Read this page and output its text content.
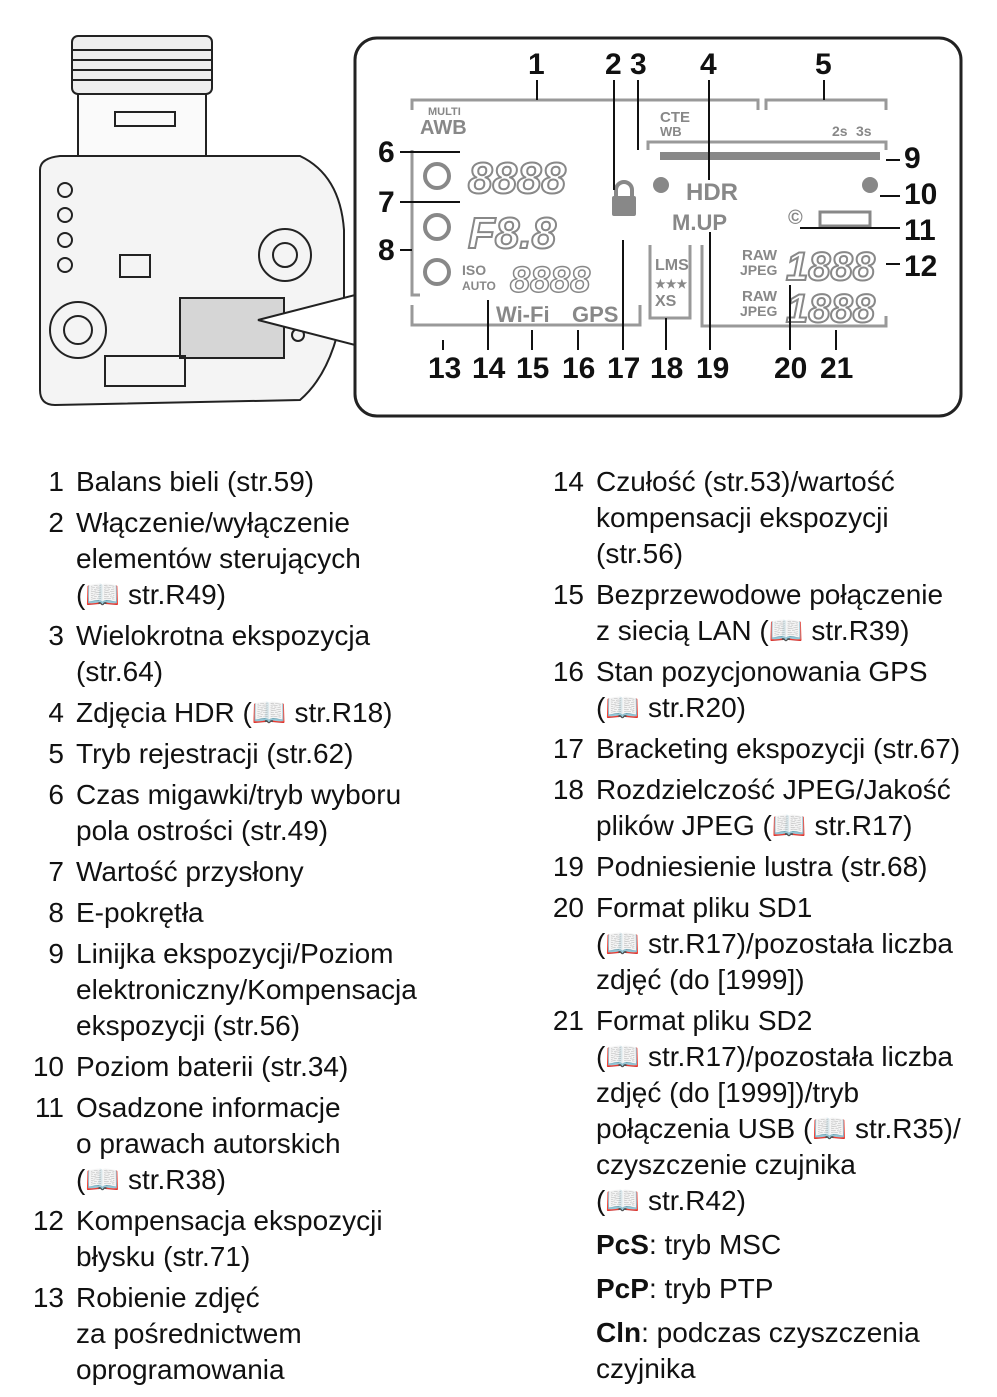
MULTI
AWB	CTE
WB
8888
F8.8
ISO
AUTO 8888
HDR
M.UP
RAW
JPEG 1888
RAW
JPEG 1888
LMS
★★★
XS
Wi-Fi GPS
2s 3s
©
1 2 3 4	5
6
7
8
9
10
11
12
13 14 15 16 17 18 19 20 21
1 Balans bieli (str.59)
2 Włączenie/wyłączenie
elementów sterujących
(📖 str.R49)
3 Wielokrotna ekspozycja
(str.64)
4 Zdjęcia HDR (📖 str.R18)
5 Tryb rejestracji (str.62)
6 Czas migawki/tryb wyboru
pola ostrości (str.49)
7 Wartość przysłony
8 E-pokrętła
9 Linijka ekspozycji/Poziom
elektroniczny/Kompensacja
ekspozycji (str.56)
10 Poziom baterii (str.34)
11 Osadzone informacje
o prawach autorskich
(📖 str.R38)
12 Kompensacja ekspozycji
błysku (str.71)
13 Robienie zdjęć
za pośrednictwem
oprogramowania
14 Czułość (str.53)/wartość
kompensacji ekspozycji
(str.56)
15 Bezprzewodowe połączenie
z siecią LAN (📖 str.R39)
16 Stan pozycjonowania GPS
(📖 str.R20)
17 Bracketing ekspozycji (str.67)
18 Rozdzielczość JPEG/Jakość
plików JPEG (📖 str.R17)
19 Podniesienie lustra (str.68)
20 Format pliku SD1
(📖 str.R17)/pozostała liczba
zdjęć (do [1999])
21 Format pliku SD2
(📖 str.R17)/pozostała liczba
zdjęć (do [1999])/tryb
połączenia USB (📖 str.R35)/
czyszczenie czujnika
(📖 str.R42)
PcS: tryb MSC
PcP: tryb PTP
Cln: podczas czyszczenia czyjnika
